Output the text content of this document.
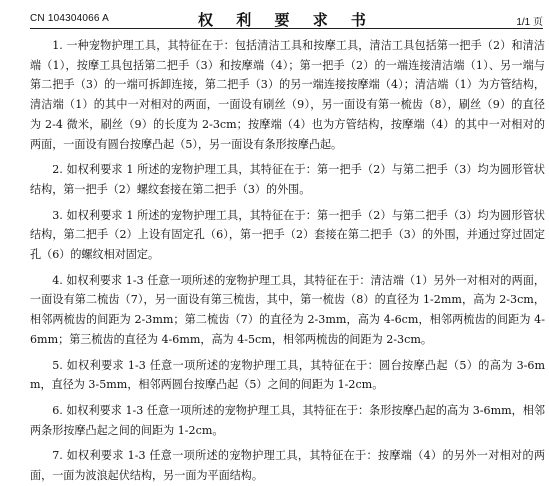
CN 104304066 A	权 利 要 求 书	1/1 页

1. 一种宠物护理工具，其特征在于：包括清洁工具和按摩工具，清洁工具包括第一把手（2）和清洁端（1），按摩工具包括第二把手（3）和按摩端（4）；第一把手（2）的一端连接清洁端（1）、另一端与第二把手（3）的一端可拆卸连接，第二把手（3）的另一端连接按摩端（4）；清洁端（1）为方管结构，清洁端（1）的其中一对相对的两面，一面设有刷丝（9），另一面设有第一梳齿（8），刷丝（9）的直径为 2-4 微米，刷丝（9）的长度为 2-3cm；按摩端（4）也为方管结构，按摩端（4）的其中一对相对的两面，一面设有圆台按摩凸起（5），另一面设有条形按摩凸起。

2. 如权利要求 1 所述的宠物护理工具，其特征在于：第一把手（2）与第二把手（3）均为圆形管状结构，第一把手（2）螺纹套接在第二把手（3）的外围。

3. 如权利要求 1 所述的宠物护理工具，其特征在于：第一把手（2）与第二把手（3）均为圆形管状结构，第二把手（2）上设有固定孔（6），第一把手（2）套接在第二把手（3）的外围，并通过穿过固定孔（6）的螺纹相对固定。

4. 如权利要求 1-3 任意一项所述的宠物护理工具，其特征在于：清洁端（1）另外一对相对的两面，一面设有第二梳齿（7），另一面设有第三梳齿，其中，第一梳齿（8）的直径为 1-2mm，高为 2-3cm，相邻两梳齿的间距为 2-3mm；第二梳齿（7）的直径为 2-3mm，高为 4-6cm，相邻两梳齿的间距为 4-6mm；第三梳齿的直径为 4-6mm，高为 4-5cm，相邻两梳齿的间距为 2-3cm。

5. 如权利要求 1-3 任意一项所述的宠物护理工具，其特征在于：圆台按摩凸起（5）的高为 3-6mm，直径为 3-5mm，相邻两圆台按摩凸起（5）之间的间距为 1-2cm。

6. 如权利要求 1-3 任意一项所述的宠物护理工具，其特征在于：条形按摩凸起的高为 3-6mm，相邻两条形按摩凸起之间的间距为 1-2cm。

7. 如权利要求 1-3 任意一项所述的宠物护理工具，其特征在于：按摩端（4）的另外一对相对的两面，一面为波浪起伏结构，另一面为平面结构。
